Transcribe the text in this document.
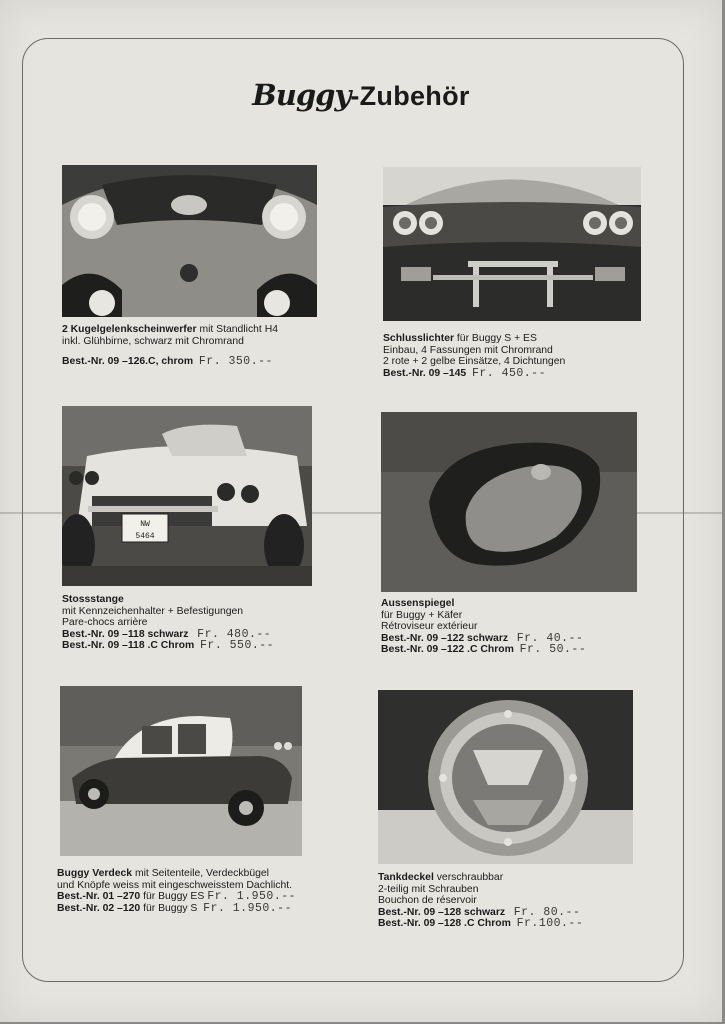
Buggy-Zubehör
NW
5464
2 Kugelgelenkscheinwerfer mit Standlicht H4
inkl. Glühbirne, schwarz mit Chromrand
Best.-Nr. 09 –126.C, chrom Fr. 350.--
Schlusslichter für Buggy S + ES
Einbau, 4 Fassungen mit Chromrand
2 rote + 2 gelbe Einsätze, 4 Dichtungen
Best.-Nr. 09 –145 Fr. 450.--
Stossstange
mit Kennzeichenhalter + Befestigungen
Pare-chocs arrière
Best.-Nr. 09 –118 schwarz Fr. 480.--
Best.-Nr. 09 –118 .C Chrom Fr. 550.--
Aussenspiegel
für Buggy + Käfer
Rétroviseur extérieur
Best.-Nr. 09 –122 schwarz Fr. 40.--
Best.-Nr. 09 –122 .C Chrom Fr. 50.--
Buggy Verdeck mit Seitenteile, Verdeckbügel
und Knöpfe weiss mit eingeschweisstem Dachlicht.
Best.-Nr. 01 –270 für Buggy ES Fr. 1.950.--
Best.-Nr. 02 –120 für Buggy S Fr. 1.950.--
Tankdeckel verschraubbar
2-teilig mit Schrauben
Bouchon de réservoir
Best.-Nr. 09 –128 schwarz Fr. 80.--
Best.-Nr. 09 –128 .C Chrom Fr.100.--
